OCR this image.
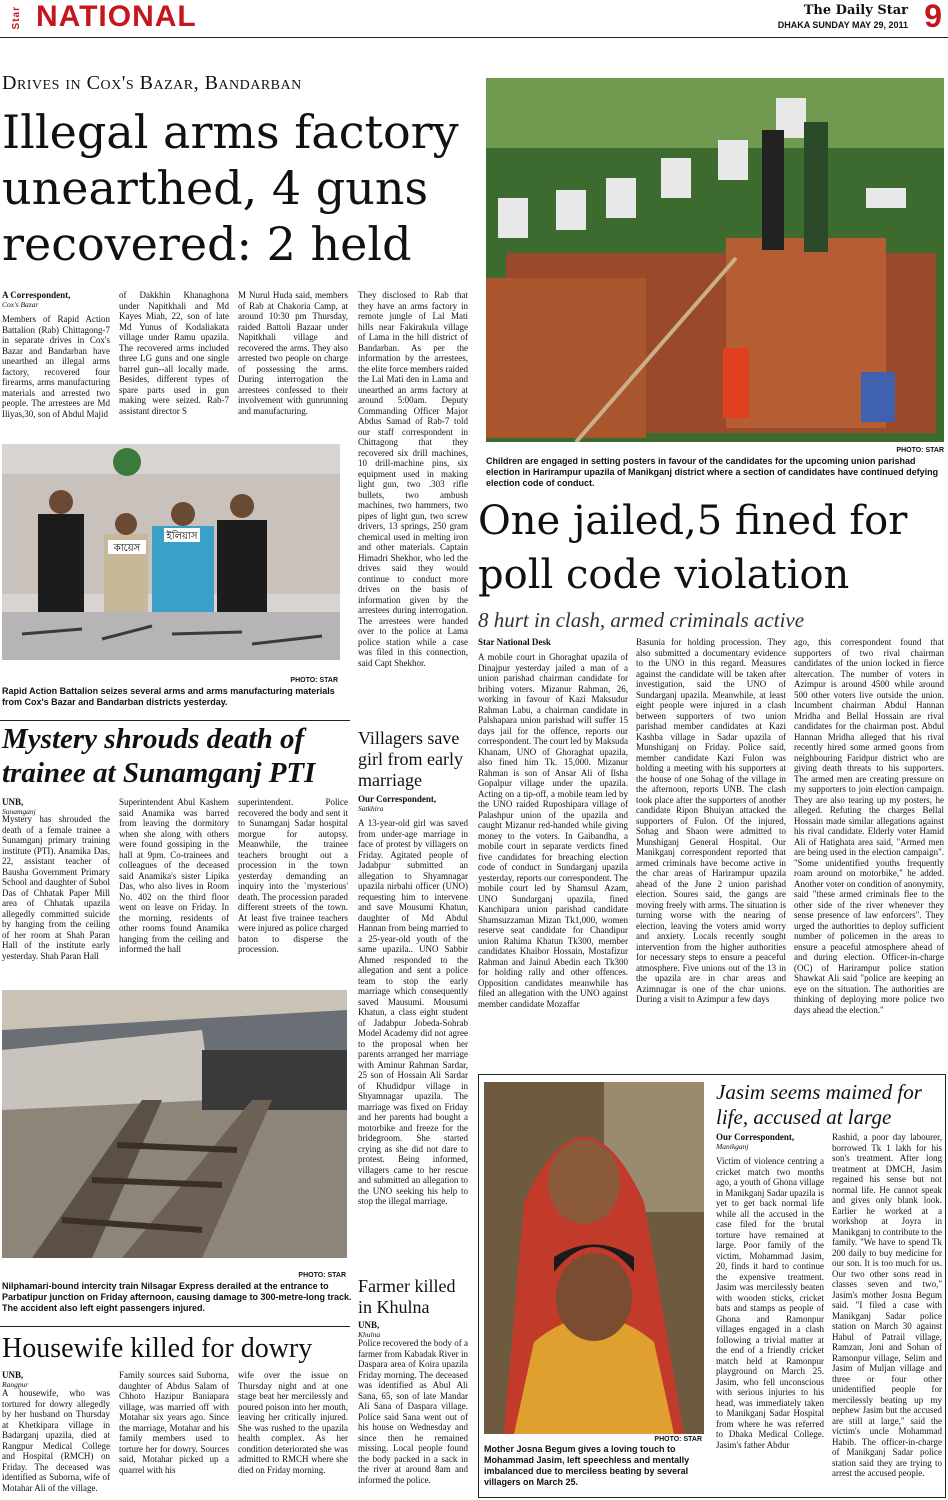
Star NATIONAL	The Daily Star
DHAKA SUNDAY MAY 29, 2011 9
Drives in Cox's Bazar, Bandarban
Illegal arms factory unearthed, 4 guns recovered: 2 held
A Correspondent,
Cox's Bazar
Members of Rapid Action Battalion (Rab) Chittagong-7 in separate drives in Cox's Bazar and Bandarban have unearthed an illegal arms factory, recovered four firearms, arms manufacturing materials and arrested two people. The arrestees are Md Iliyas,30, son of Abdul Majid
of Dakkhin Khanaghona under Napitkhali and Md Kayes Miah, 22, son of late Md Yunus of Kodaliakata village under Ramu upazila. The recovered arms included three LG guns and one single barrel gun--all locally made. Besides, different types of spare parts used in gun making were seized. Rab-7 assistant director S
M Nurul Huda said, members of Rab at Chakoria Camp, at around 10:30 pm Thursday, raided Battoli Bazaar under Napitkhali village and recovered the arms. They also arrested two people on charge of possessing the arms. During interrogation the arrestees confessed to their involvement with gunrunning and manufacturing.
They disclosed to Rab that they have an arms factory in remote jungle of Lal Mati hills near Fakirakula village of Lama in the hill district of Bandarban. As per the information by the arrestees, the elite force members raided the Lal Mati den in Lama and unearthed an arms factory at around 5:00am. Deputy Commanding Officer Major Abdus Samad of Rab-7 told our staff correspondent in Chittagong that they recovered six drill machines, 10 drill-machine pins, six equipment used in making light gun, two .303 rifle bullets, two ambush machines, two hammers, two pipes of light gun, two screw drivers, 13 springs, 250 gram chemical used in melting iron and other materials. Captain Himadri Shekhor, who led the drives said they would continue to conduct more drives on the basis of information given by the arrestees during interrogation. The arrestees were handed over to the police at Lama police station while a case was filed in this connection, said Capt Shekhor.
কায়েস
ইলিয়াস
PHOTO: STAR
Rapid Action Battalion seizes several arms and arms manufacturing materials from Cox's Bazar and Bandarban districts yesterday.
PHOTO: STAR
Children are engaged in setting posters in favour of the candidates for the upcoming union parishad election in Harirampur upazila of Manikganj district where a section of candidates have continued defying election code of conduct.
One jailed,5 fined for poll code violation
8 hurt in clash, armed criminals active
Star National Desk
A mobile court in Ghoraghat upazila of Dinajpur yesterday jailed a man of a union parishad chairman candidate for bribing voters. Mizanur Rahman, 26, working in favour of Kazi Maksudur Rahman Labu, a chairman candidate in Palshapara union parishad will suffer 15 days jail for the offence, reports our correspondent. The court led by Maksuda Khanam, UNO of Ghoraghat upazila, also fined him Tk. 15,000. Mizanur Rahman is son of Ansar Ali of Ilsha Gopalpur village under the upazila. Acting on a tip-off, a mobile team led by the UNO raided Ruposhipara village of Palashpur union of the upazila and caught Mizanur red-handed while giving money to the voters. In Gaibandha, a mobile court in separate verdicts fined five candidates for breaching election code of conduct in Sundarganj upazila yesterday, reports our correspondent. The mobile court led by Shamsul Azam, UNO Sundarganj upazila, fined Kanchipara union parishad candidate Shamsuzzaman Mizan Tk1,000, women reserve seat candidate for Chandipur union Rahima Khatun Tk300, member candidates Khaibor Hossain, Mostafizur Rahman and Jainul Abedin each Tk300 for holding rally and other offences. Opposition candidates meanwhile has filed an allegation with the UNO against member candidate Mozaffar
Basunia for holding procession. They also submitted a documentary evidence to the UNO in this regard. Measures against the candidate will be taken after investigation, said the UNO of Sundarganj upazila. Meanwhile, at least eight people were injured in a clash between supporters of two union parishad member candidates at Kazi Kashba village in Sadar upazila of Munshiganj on Friday. Police said, member candidate Kazi Fulon was holding a meeting with his supporters at the house of one Sohag of the village in the afternoon, reports UNB. The clash took place after the supporters of another candidate Ripon Bhuiyan attacked the supporters of Fulon. Of the injured, Sohag and Shaon were admitted to Munshiganj General Hospital. Our Manikganj correspondent reported that armed criminals have become active in the char areas of Harirampur upazila ahead of the June 2 union parishad election. Soures said, the gangs are moving freely with arms. The situation is turning worse with the nearing of election, leaving the voters amid worry and anxiety. Locals recently sought intervention from the higher authorities for necessary steps to ensure a peaceful atmosphere. Five unions out of the 13 in the upazila are in char areas and Azimnagar is one of the char unions. During a visit to Azimpur a few days
ago, this correspondent found that supporters of two rival chairman candidates of the union locked in fierce altercation. The number of voters in Azimpur is around 4500 while around 500 other voters live outside the union. Incumbent chairman Abdul Hannan Mridha and Bellal Hossain are rival candidates for the chairman post. Abdul Hannan Mridha alleged that his rival recently hired some armed goons from neighbouring Faridpur district who are giving death threats to his supporters. The armed men are creating pressure on my supporters to join election campaign. They are also tearing up my posters, he alleged. Refuting the charges Bellal Hossain made similar allegations against his rival candidate. Elderly voter Hamid Ali of Hatighata area said, "Armed men are being used in the election campaign". "Some unidentified youths frequently roam around on motorbike," he added. Another voter on condition of anonymity, said "these armed criminals flee to the other side of the river whenever they sense presence of law enforcers". They urged the authorities to deploy sufficient number of policemen in the areas to ensure a peaceful atmosphere ahead of and during election. Officer-in-charge (OC) of Harirampur police station Shawkat Ali said "police are keeping an eye on the situation. The authorities are thinking of deploying more police two days ahead the election."
Mystery shrouds death of trainee at Sunamganj PTI
UNB,
Sunamganj
Mystery has shrouded the death of a female trainee a Sunamganj primary training institute (PTI). Anamika Das, 22, assistant teacher of Bausha Government Primary School and daughter of Subol Das of Chhatak Paper Mill area of Chhatak upazila allegedly committed suicide by hanging from the ceiling of her room at Shah Paran Hall of the institute early yesterday. Shah Paran Hall
Superintendent Abul Kashem said Anamika was barred from leaving the dormitory when she along with others were found gossiping in the hall at 9pm. Co-trainees and colleagues of the deceased said Anamika's sister Lipika Das, who also lives in Room No. 402 on the third floor went on leave on Friday. In the morning, residents of other rooms found Anamika hanging from the ceiling and informed the hall
superintendent. Police recovered the body and sent it to Sunamganj Sadar hospital morgue for autopsy. Meanwhile, the trainee teachers brought out a procession in the town yesterday demanding an inquiry into the `mysterious' death. The procession paraded different streets of the town. At least five trainee teachers were injured as police charged baton to disperse the procession.
Villagers save girl from early marriage
Our Correspondent,
Satkhira
A 13-year-old girl was saved from under-age marriage in face of protest by villagers on Friday. Agitated people of Jadabpur submitted an allegation to Shyamnagar upazila nirbahi officer (UNO) requesting him to intervene and save Mousumi Khatun, daughter of Md Abdul Hannan from being married to a 25-year-old youth of the same upazila.. UNO Sabbir Ahmed responded to the allegation and sent a police team to stop the early marriage which consequently saved Mausumi. Mousumi Khatun, a class eight student of Jadabpur Jobeda-Sohrab Model Academy did not agree to the proposal when her parents arranged her marriage with Aminur Rahman Sardar, 25 son of Hossain Ali Sardar of Khudidpur village in Shyamnagar upazila. The marriage was fixed on Friday and her parents had bought a motorbike and freeze for the bridegroom. She started crying as she did not dare to protest. Being informed, villagers came to her rescue and submitted an allegation to the UNO seeking his help to stop the illegal marriage.
PHOTO: STAR
Nilphamari-bound intercity train Nilsagar Express derailed at the entrance to Parbatipur junction on Friday afternoon, causing damage to 300-metre-long track. The accident also left eight passengers injured.
Farmer killed in Khulna
UNB,
Khulna
Police recovered the body of a farmer from Kabadak River in Daspara area of Koira upazila Friday morning. The deceased was identified as Abul Ali Sana, 65, son of late Mandar Ali Sana of Daspara village. Police said Sana went out of his house on Wednesday and since then he remained missing. Local people found the body packed in a sack in the river at around 8am and informed the police.
Housewife killed for dowry
UNB,
Rangpur
A housewife, who was tortured for dowry allegedly by her husband on Thursday at Khetkipara village in Badarganj upazila, died at Rangpur Medical College and Hospital (RMCH) on Friday. The deceased was identified as Suborna, wife of Motahar Ali of the village.
Family sources said Suborna, daughter of Abdus Salam of Chhoto Hazipur Baniapara village, was married off with Motahar six years ago. Since the marriage, Motahar and his family members used to torture her for dowry. Sources said, Motahar picked up a quarrel with his
wife over the issue on Thursday night and at one stage beat her mercilessly and poured poison into her mouth, leaving her critically injured. She was rushed to the upazila health complex. As her condition deteriorated she was admitted to RMCH where she died on Friday morning.
PHOTO: STAR
Mother Josna Begum gives a loving touch to Mohammad Jasim, left speechless and mentally imbalanced due to merciless beating by several villagers on March 25.
Jasim seems maimed for life, accused at large
Our Correspondent,
Manikganj
Victim of violence centring a cricket match two months ago, a youth of Ghona village in Manikganj Sadar upazila is yet to get back normal life while all the accused in the case filed for the brutal torture have remained at large. Poor family of the victim, Mohammad Jasim, 20, finds it hard to continue the expensive treatment. Jasim was mercilessly beaten with wooden sticks, cricket bats and stamps as people of Ghona and Ramonpur villages engaged in a clash following a trivial matter at the end of a friendly cricket match held at Ramonpur playground on March 25. Jasim, who fell unconscious with serious injuries to his head, was immediately taken to Manikganj Sadar Hospital from where he was referred to Dhaka Medical College. Jasim's father Abdur
Rashid, a poor day labourer, borrowed Tk 1 lakh for his son's treatment. After long treatment at DMCH, Jasim regained his sense but not normal life. He cannot speak and gives only blank look. Earlier he worked at a workshop at Joyra in Manikganj to contribute to the family. "We have to spend Tk 200 daily to buy medicine for our son. It is too much for us. Our two other sons read in classes seven and two," Jasim's mother Josna Begum said. "I filed a case with Manikganj Sadar police station on March 30 against Habul of Patrail village, Ramzan, Joni and Sohan of Ramonpur village, Selim and Jasim of Muljan village and three or four other unidentified people for mercilessly beating up my nephew Jasim but the accused are still at large," said the victim's uncle Mohammad Habib. The officer-in-charge of Manikganj Sadar police station said they are trying to arrest the accused people.
